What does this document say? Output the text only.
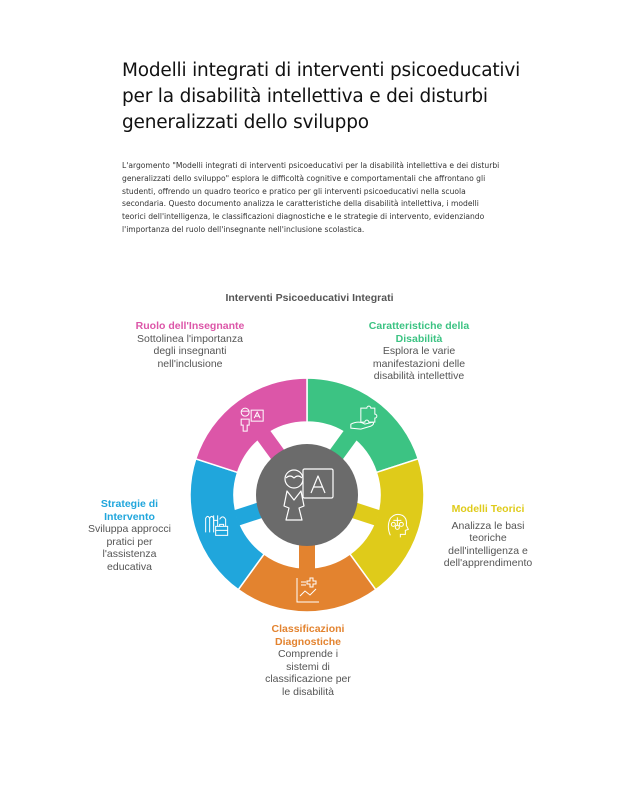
Modelli integrati di interventi psicoeducativi per la disabilità intellettiva e dei disturbi generalizzati dello sviluppo
L'argomento "Modelli integrati di interventi psicoeducativi per la disabilità intellettiva e dei disturbi generalizzati dello sviluppo" esplora le difficoltà cognitive e comportamentali che affrontano gli studenti, offrendo un quadro teorico e pratico per gli interventi psicoeducativi nella scuola secondaria. Questo documento analizza le caratteristiche della disabilità intellettiva, i modelli teorici dell'intelligenza, le classificazioni diagnostiche e le strategie di intervento, evidenziando l'importanza del ruolo dell'insegnante nell'inclusione scolastica.
Interventi Psicoeducativi Integrati
Caratteristiche della Disabilità
Esplora le varie manifestazioni delle disabilità intellettive
Modelli Teorici
Analizza le basi teoriche dell'intelligenza e dell'apprendimento
Classificazioni Diagnostiche
Comprende i sistemi di classificazione per le disabilità
Strategie di Intervento
Sviluppa approcci pratici per l'assistenza educativa
Ruolo dell'Insegnante
Sottolinea l'importanza degli insegnanti nell'inclusione
